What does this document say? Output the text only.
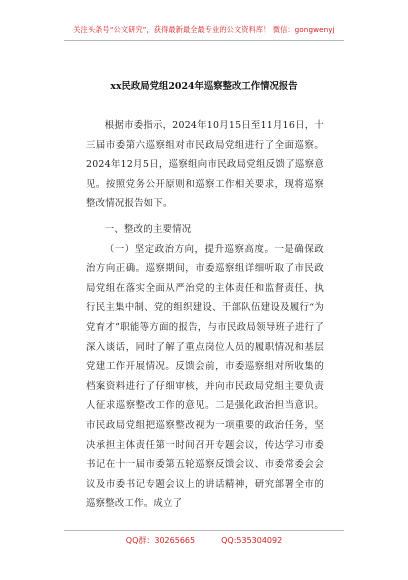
关注头条号“公文研究”，获得最新最全最专业的公文资料库！ 微信：gongwenyj
xx民政局党组2024年巡察整改工作情况报告

根据市委指示，2024年10月15日至11月16日，十三届市委第六巡察组对市民政局党组进行了全面巡察。2024年12月5日，巡察组向市民政局党组反馈了巡察意见。按照党务公开原则和巡察工作相关要求，现将巡察整改情况报告如下。

一、整改的主要情况

（一）坚定政治方向，提升巡察高度。一是确保政治方向正确。巡察期间，市委巡察组详细听取了市民政局党组在落实全面从严治党的主体责任和监督责任、执行民主集中制、党的组织建设、干部队伍建设及履行“为党育才”职能等方面的报告，与市民政局领导班子进行了深入谈话，同时了解了重点岗位人员的履职情况和基层党建工作开展情况。反馈会前，市委巡察组对所收集的档案资料进行了仔细审核，并向市民政局党组主要负责人征求巡察整改工作的意见。二是强化政治担当意识。市民政局党组把巡察整改视为一项重要的政治任务，坚决承担主体责任第一时间召开专题会议，传达学习市委书记在十一届市委第五轮巡察反馈会议、市委常委会会议及市委书记专题会议上的讲话精神，研究部署全市的巡察整改工作。成立了

QQ群：30265665	QQ:535304092
